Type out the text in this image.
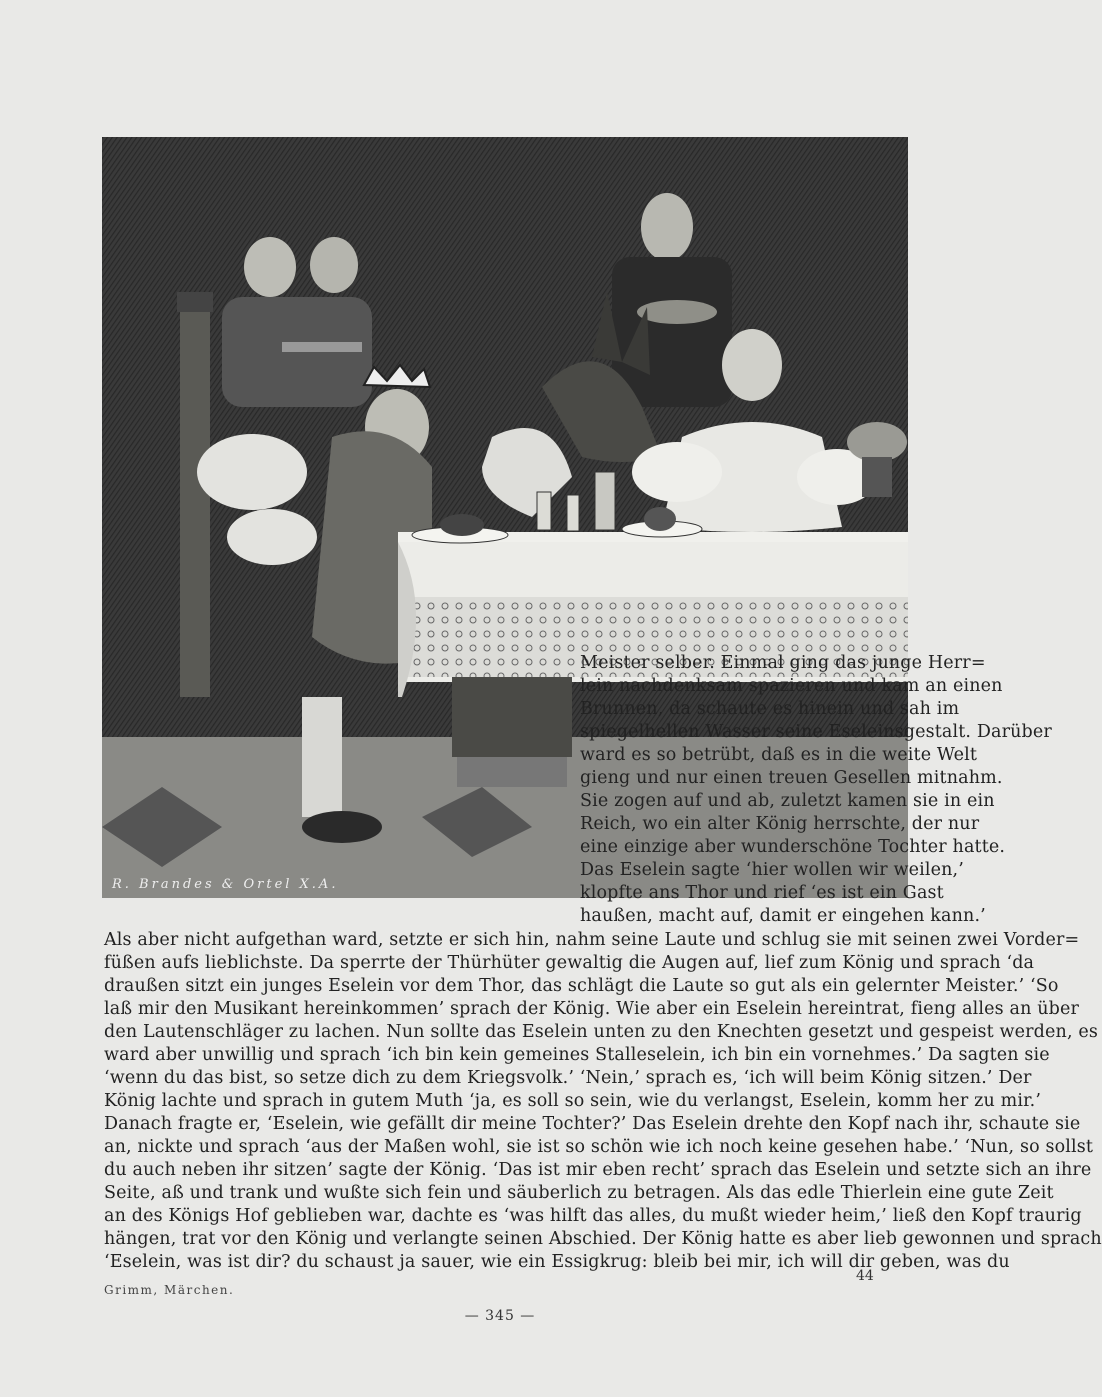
R. Brandes & Ortel X.A.
Meister selber. Einmal ging das junge Herr=
lein nachdenksam spazieren und kam an einen
Brunnen, da schaute es hinein und sah im
spiegelhellen Wasser seine Eseleinsgestalt. Darüber
ward es so betrübt, daß es in die weite Welt
gieng und nur einen treuen Gesellen mitnahm.
Sie zogen auf und ab, zuletzt kamen sie in ein
Reich, wo ein alter König herrschte, der nur
eine einzige aber wunderschöne Tochter hatte.
Das Eselein sagte ‘hier wollen wir weilen,’
klopfte ans Thor und rief ‘es ist ein Gast
haußen, macht auf, damit er eingehen kann.’
Als aber nicht aufgethan ward, setzte er sich hin, nahm seine Laute und schlug sie mit seinen zwei Vorder=
füßen aufs lieblichste. Da sperrte der Thürhüter gewaltig die Augen auf, lief zum König und sprach ‘da
draußen sitzt ein junges Eselein vor dem Thor, das schlägt die Laute so gut als ein gelernter Meister.’ ‘So
laß mir den Musikant hereinkommen’ sprach der König. Wie aber ein Eselein hereintrat, fieng alles an über
den Lautenschläger zu lachen. Nun sollte das Eselein unten zu den Knechten gesetzt und gespeist werden, es
ward aber unwillig und sprach ‘ich bin kein gemeines Stalleselein, ich bin ein vornehmes.’ Da sagten sie
‘wenn du das bist, so setze dich zu dem Kriegsvolk.’ ‘Nein,’ sprach es, ‘ich will beim König sitzen.’ Der
König lachte und sprach in gutem Muth ‘ja, es soll so sein, wie du verlangst, Eselein, komm her zu mir.’
Danach fragte er, ‘Eselein, wie gefällt dir meine Tochter?’ Das Eselein drehte den Kopf nach ihr, schaute sie
an, nickte und sprach ‘aus der Maßen wohl, sie ist so schön wie ich noch keine gesehen habe.’ ‘Nun, so sollst
du auch neben ihr sitzen’ sagte der König. ‘Das ist mir eben recht’ sprach das Eselein und setzte sich an ihre
Seite, aß und trank und wußte sich fein und säuberlich zu betragen. Als das edle Thierlein eine gute Zeit
an des Königs Hof geblieben war, dachte es ‘was hilft das alles, du mußt wieder heim,’ ließ den Kopf traurig
hängen, trat vor den König und verlangte seinen Abschied. Der König hatte es aber lieb gewonnen und sprach
‘Eselein, was ist dir? du schaust ja sauer, wie ein Essigkrug: bleib bei mir, ich will dir geben, was du
Grimm, Märchen.
44
— 345 —
